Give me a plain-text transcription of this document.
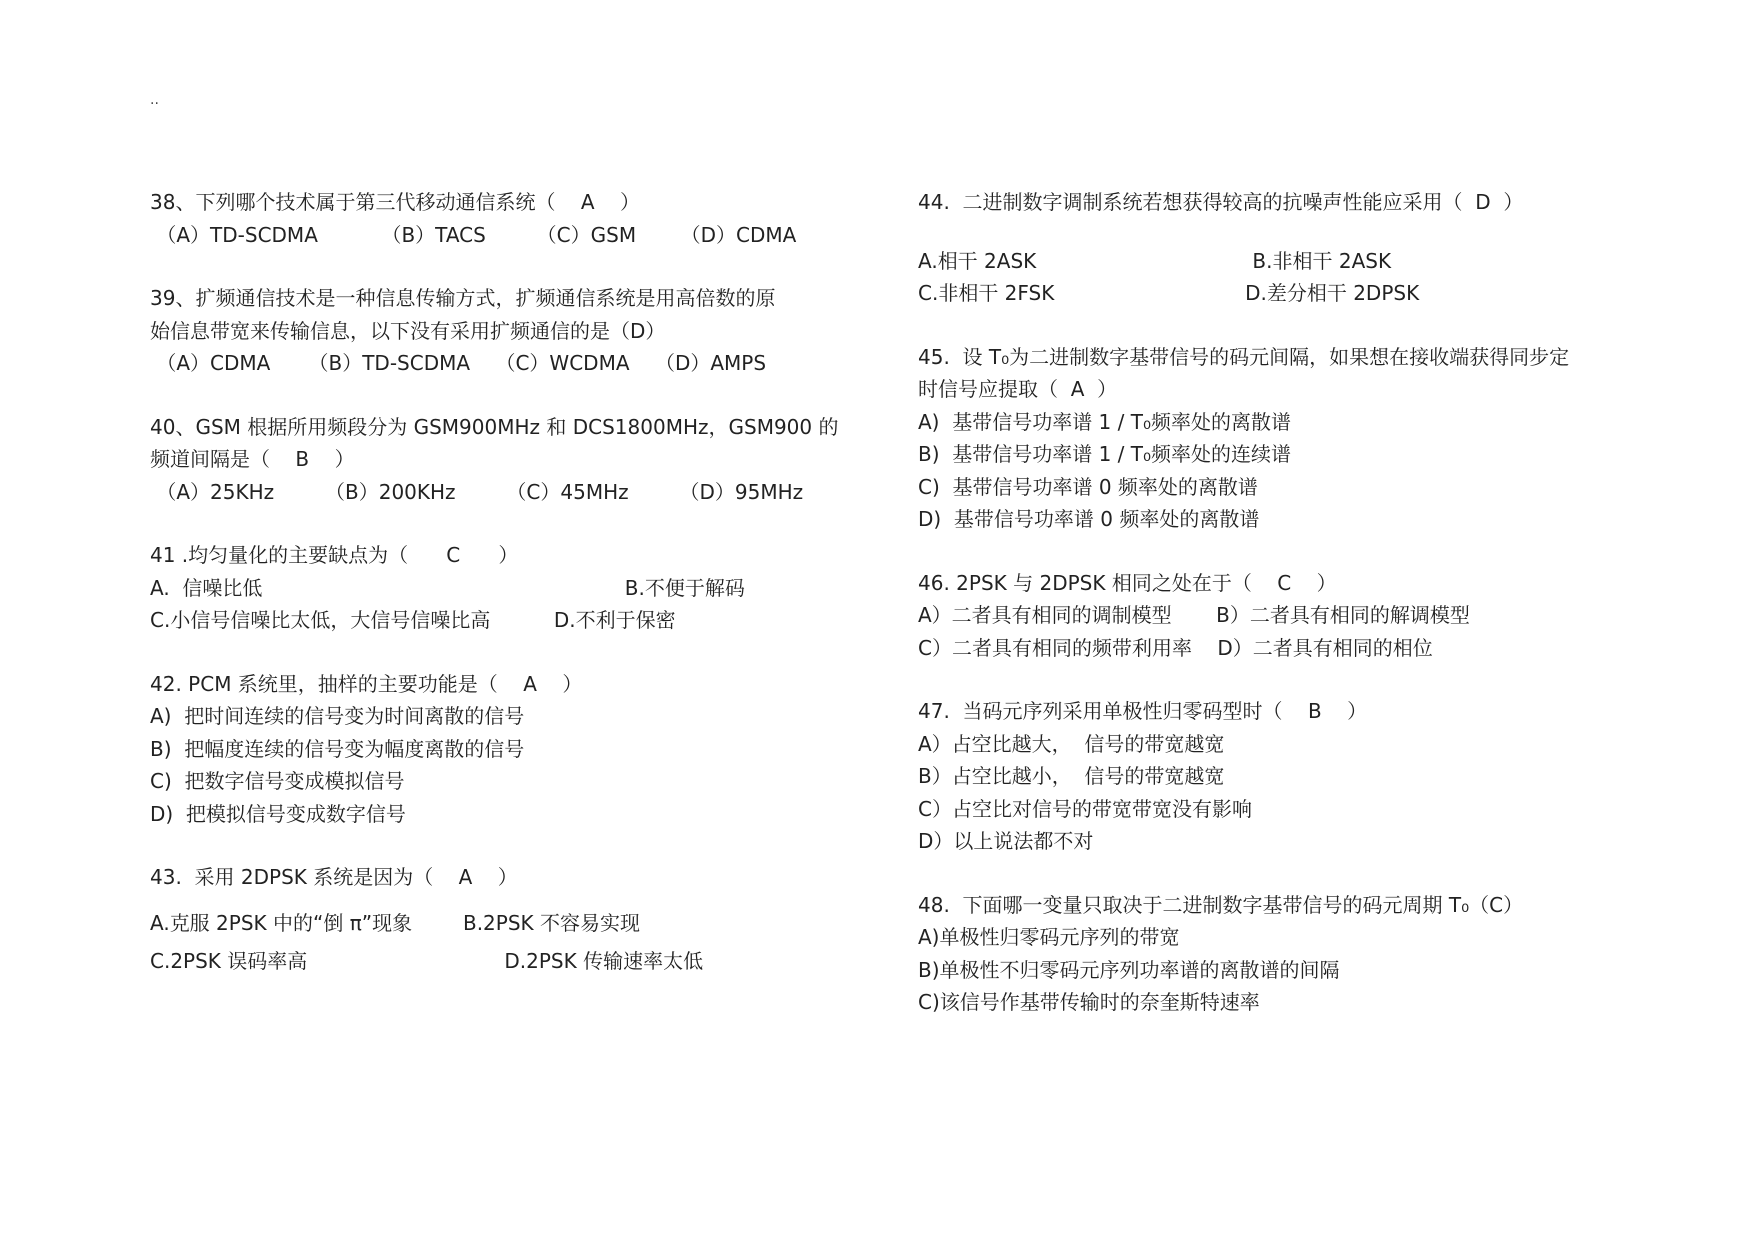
..

38、下列哪个技术属于第三代移动通信系统（    A    ）

（A）TD-SCDMA          （B）TACS        （C）GSM       （D）CDMA

39、扩频通信技术是一种信息传输方式，扩频通信系统是用高倍数的原

始信息带宽来传输信息，以下没有采用扩频通信的是（D）

（A）CDMA      （B）TD-SCDMA    （C）WCDMA    （D）AMPS

40、GSM 根据所用频段分为 GSM900MHz 和 DCS1800MHz，GSM900 的

频道间隔是（    B    ）

（A）25KHz        （B）200KHz        （C）45MHz        （D）95MHz

41 .均匀量化的主要缺点为（      C      ）

A.  信噪比低                                                         B.不便于解码

C.小信号信噪比太低，大信号信噪比高          D.不利于保密

42. PCM 系统里，抽样的主要功能是（    A    ）

A)  把时间连续的信号变为时间离散的信号

B)  把幅度连续的信号变为幅度离散的信号

C)  把数字信号变成模拟信号

D)  把模拟信号变成数字信号

43.  采用 2DPSK 系统是因为（    A    ）

A.克服 2PSK 中的“倒 π”现象        B.2PSK 不容易实现

C.2PSK 误码率高                               D.2PSK 传输速率太低

44.  二进制数字调制系统若想获得较高的抗噪声性能应采用（  D  ）

A.相干 2ASK                                  B.非相干 2ASK

C.非相干 2FSK                              D.差分相干 2DPSK

45.  设 T₀为二进制数字基带信号的码元间隔，如果想在接收端获得同步定

时信号应提取（  A  ）

A)  基带信号功率谱 1 / T₀频率处的离散谱

B)  基带信号功率谱 1 / T₀频率处的连续谱

C)  基带信号功率谱 0 频率处的离散谱

D)  基带信号功率谱 0 频率处的离散谱

46. 2PSK 与 2DPSK 相同之处在于（    C    ）

A）二者具有相同的调制模型       B）二者具有相同的解调模型

C）二者具有相同的频带利用率    D）二者具有相同的相位

47.  当码元序列采用单极性归零码型时（    B    ）

A）占空比越大，  信号的带宽越宽

B）占空比越小，  信号的带宽越宽

C）占空比对信号的带宽带宽没有影响

D）以上说法都不对

48.  下面哪一变量只取决于二进制数字基带信号的码元周期 T₀（C）

A)单极性归零码元序列的带宽

B)单极性不归零码元序列功率谱的离散谱的间隔

C)该信号作基带传输时的奈奎斯特速率
